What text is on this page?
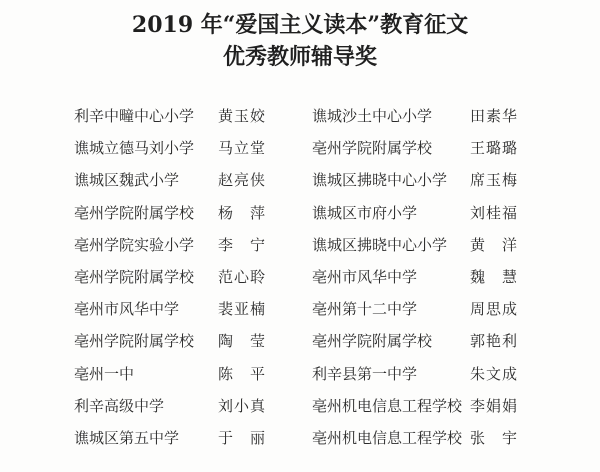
2019 年“爱国主义读本”教育征文
优秀教师辅导奖
利辛中疃中心小学 黄玉姣	谯城沙土中心小学	田素华
谯城立德马刘小学 马立堂	亳州学院附属学校	王璐璐
谯城区魏武小学	赵亮侠	谯城区拂晓中心小学 席玉梅
亳州学院附属学校 杨　萍	谯城区市府小学	刘桂福
亳州学院实验小学 李　宁	谯城区拂晓中心小学 黄　洋
亳州学院附属学校 范心聆	亳州市风华中学	魏　慧
亳州市风华中学	裴亚楠	亳州第十二中学	周思成
亳州学院附属学校 陶　莹	亳州学院附属学校	郭艳利
亳州一中	陈　平	利辛县第一中学	朱文成
利辛高级中学	刘小真	亳州机电信息工程学校 李娟娟
谯城区第五中学	于　丽	亳州机电信息工程学校 张　宇
